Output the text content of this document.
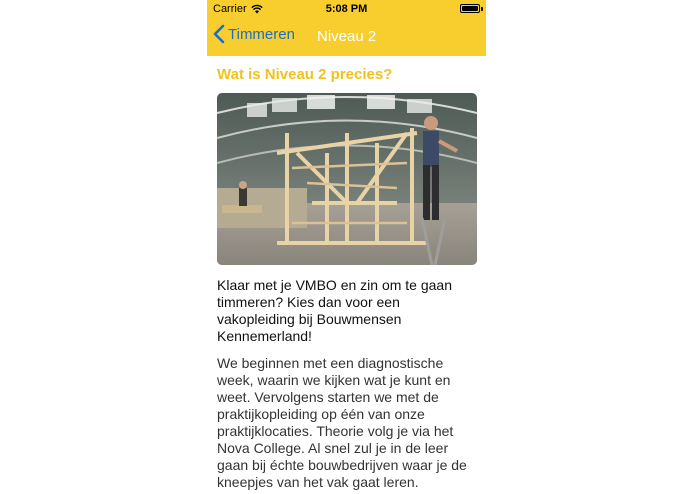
Carrier	5:08 PM
Timmeren Niveau 2
Wat is Niveau 2 precies?

Klaar met je VMBO en zin om te gaan timmeren? Kies dan voor een vakopleiding bij Bouwmensen Kennemerland!

We beginnen met een diagnostische week, waarin we kijken wat je kunt en weet. Vervolgens starten we met de praktijkopleiding op één van onze praktijklocaties. Theorie volg je via het Nova College. Al snel zul je in de leer gaan bij échte bouwbedrijven waar je de kneepjes van het vak gaat leren.
